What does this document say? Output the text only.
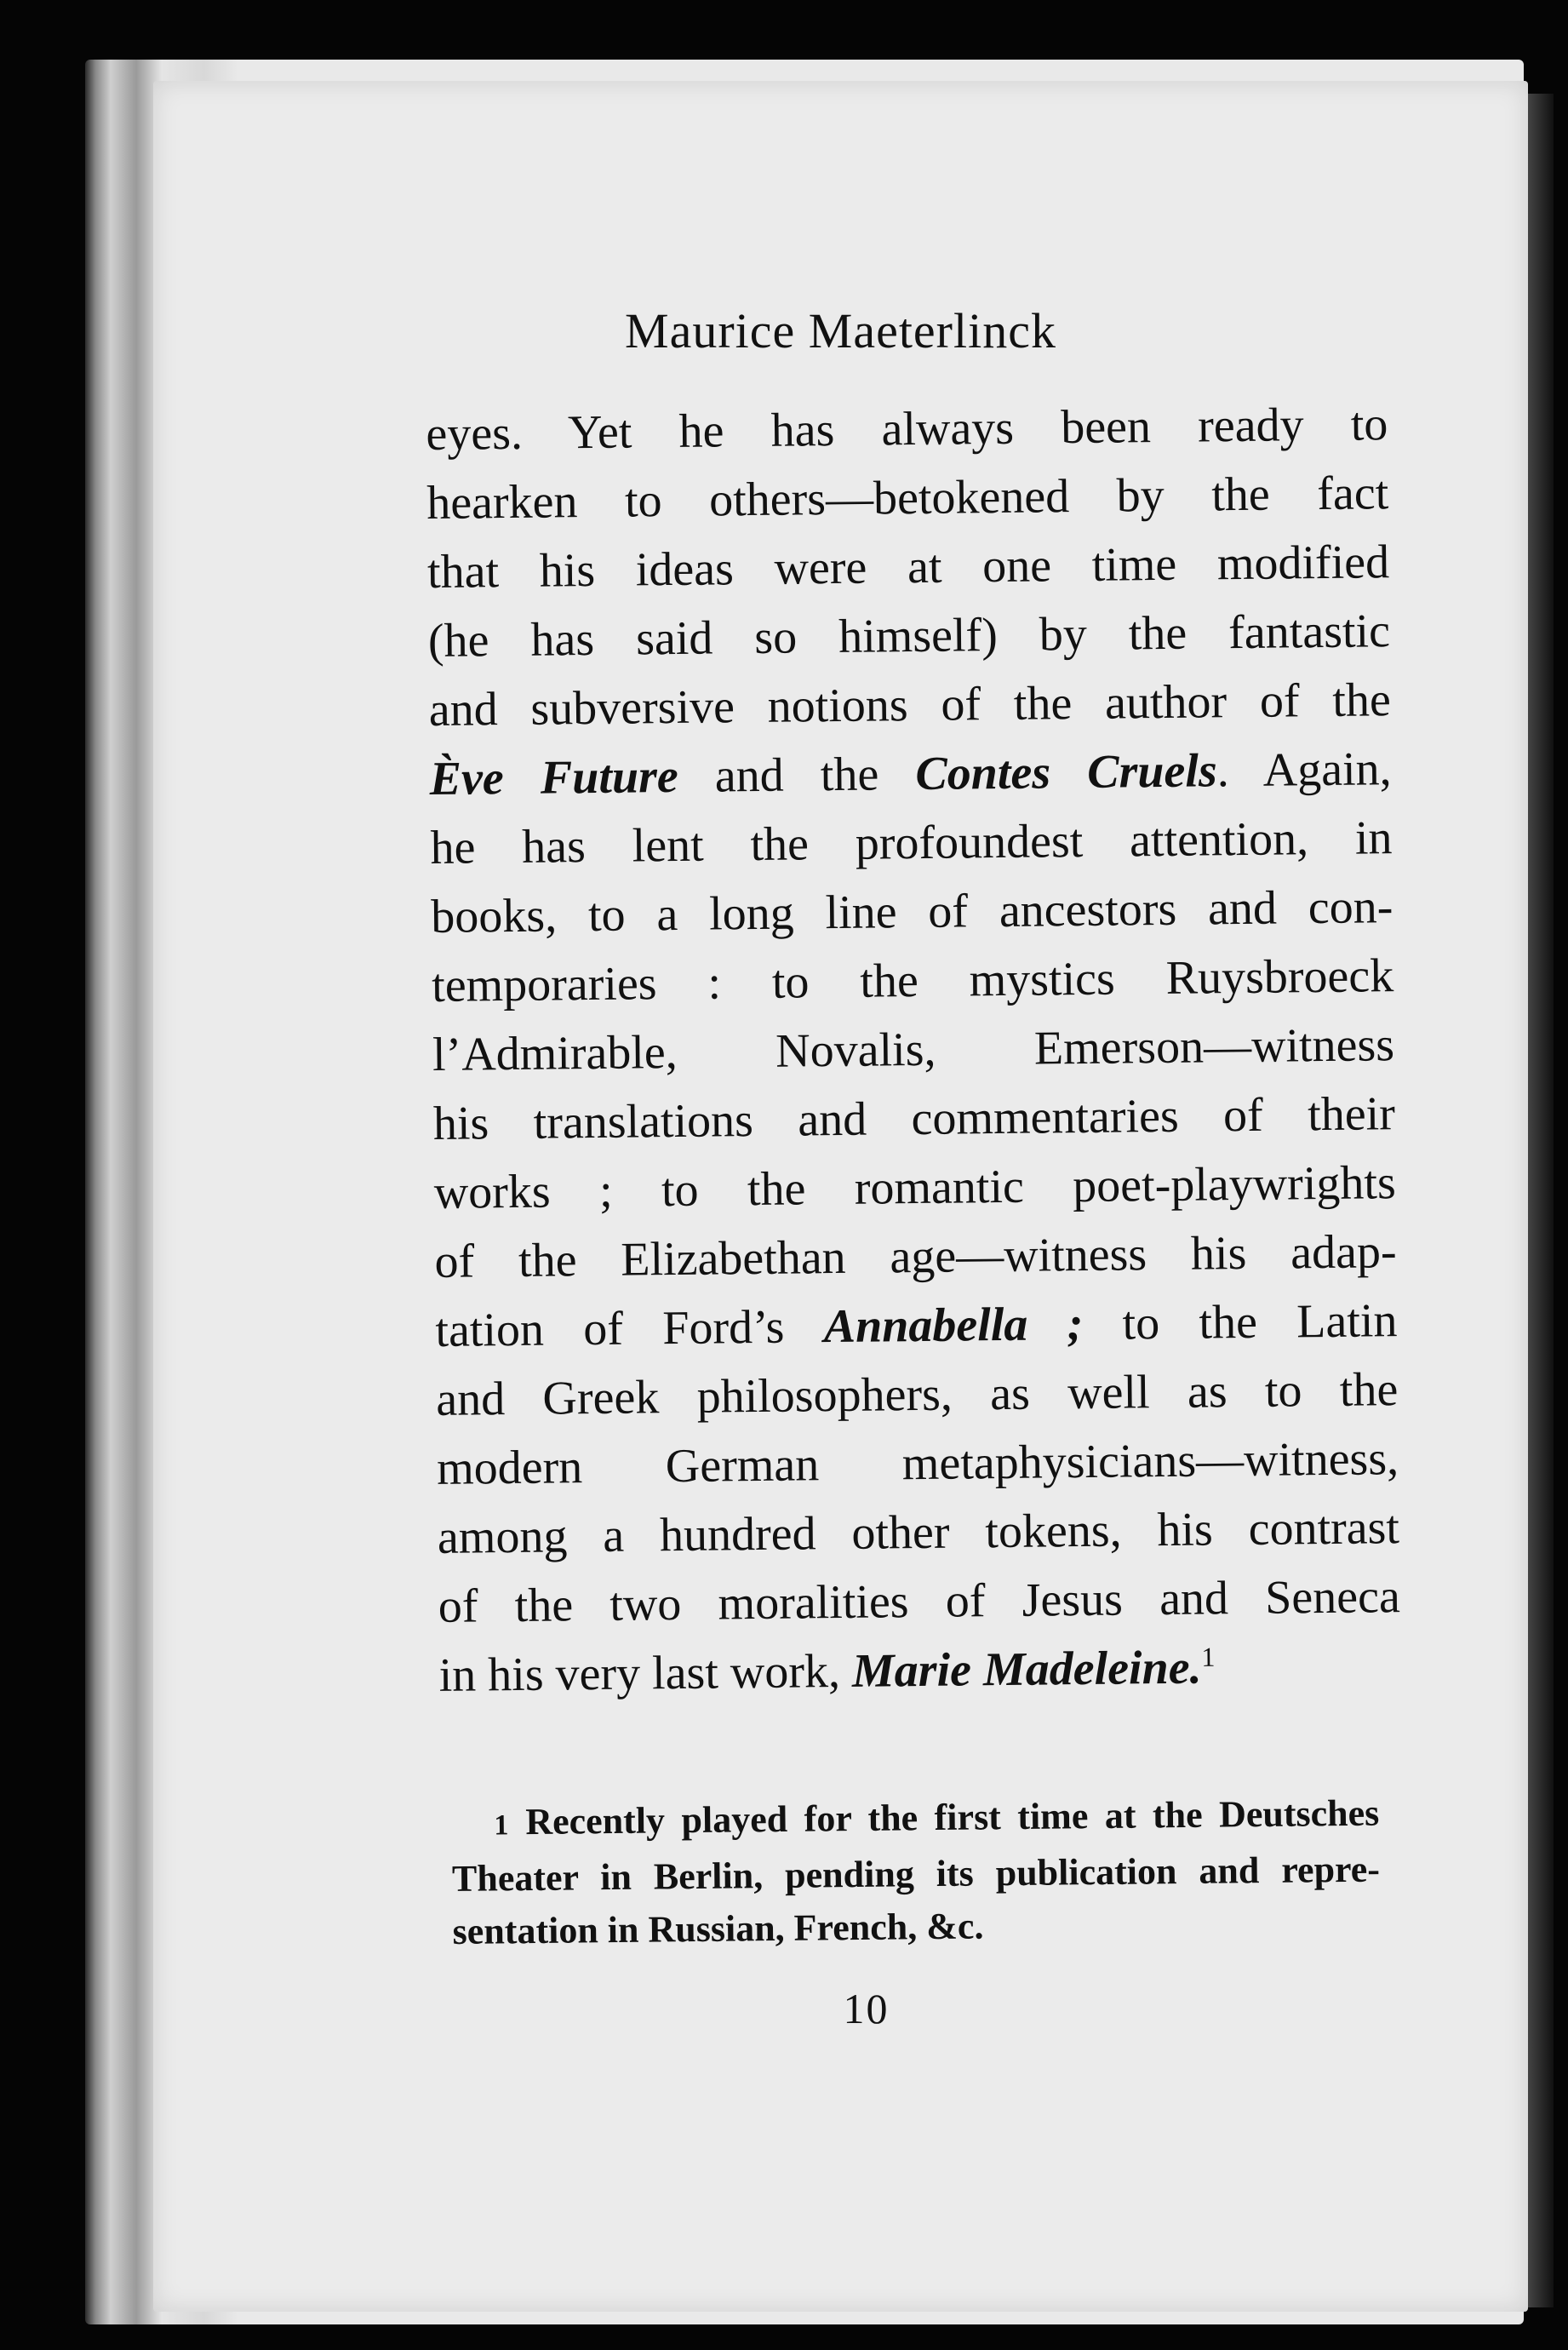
Maurice Maeterlinck
eyes. Yet he has always been ready to
hearken to others—betokened by the fact
that his ideas were at one time modified
(he has said so himself) by the fantastic
and subversive notions of the author of the
Ève Future and the Contes Cruels. Again,
he has lent the profoundest attention, in
books, to a long line of ancestors and con-
temporaries : to the mystics Ruysbroeck
l’Admirable, Novalis, Emerson—witness
his translations and commentaries of their
works ; to the romantic poet-playwrights
of the Elizabethan age—witness his adap-
tation of Ford’s Annabella ; to the Latin
and Greek philosophers, as well as to the
modern German metaphysicians—witness,
among a hundred other tokens, his contrast
of the two moralities of Jesus and Seneca
in his very last work, Marie Madeleine.$^1$
1 Recently played for the first time at the Deutsches
Theater in Berlin, pending its publication and repre-
sentation in Russian, French, &c.
10
